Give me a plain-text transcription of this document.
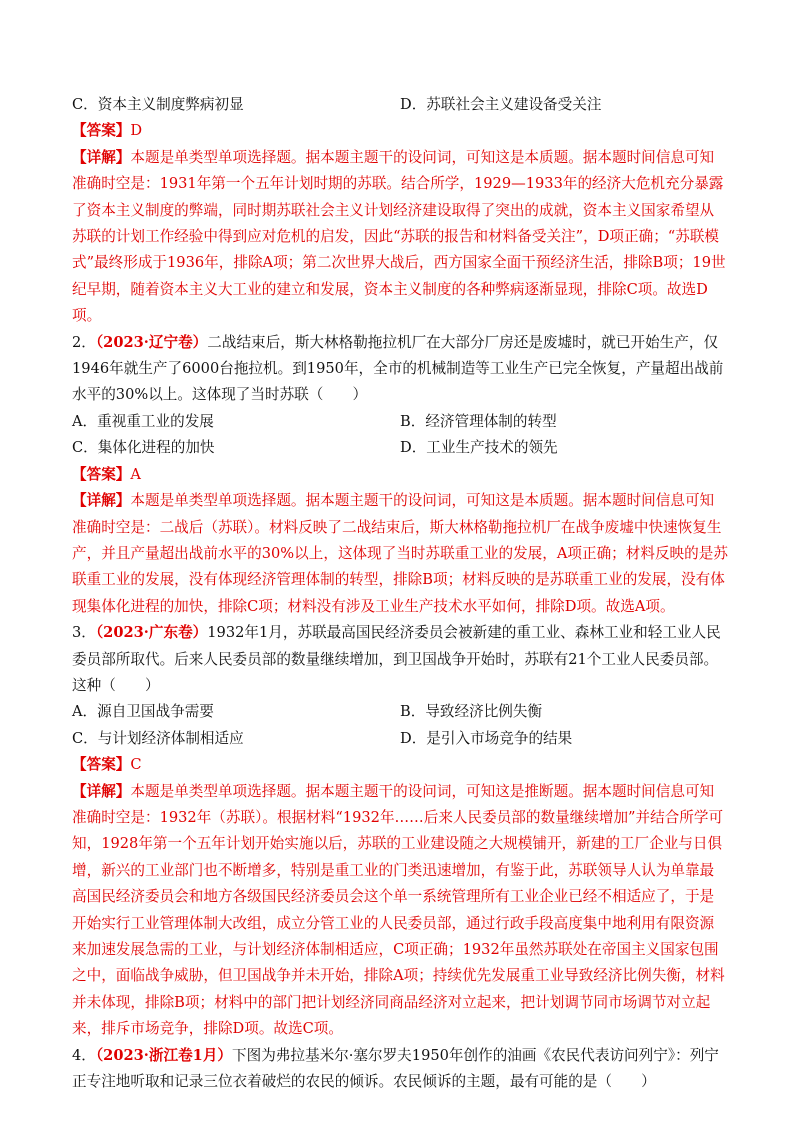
C．资本主义制度弊病初显	D．苏联社会主义建设备受关注

【答案】D

【详解】本题是单类型单项选择题。据本题主题干的设问词，可知这是本质题。据本题时间信息可知准确时空是：1931年第一个五年计划时期的苏联。结合所学，1929—1933年的经济大危机充分暴露了资本主义制度的弊端，同时期苏联社会主义计划经济建设取得了突出的成就，资本主义国家希望从苏联的计划工作经验中得到应对危机的启发，因此“苏联的报告和材料备受关注”，D项正确；“苏联模式”最终形成于1936年，排除A项；第二次世界大战后，西方国家全面干预经济生活，排除B项；19世纪早期，随着资本主义大工业的建立和发展，资本主义制度的各种弊病逐渐显现，排除C项。故选D项。

2．（2023·辽宁卷）二战结束后，斯大林格勒拖拉机厂在大部分厂房还是废墟时，就已开始生产，仅1946年就生产了6000台拖拉机。到1950年，全市的机械制造等工业生产已完全恢复，产量超出战前水平的30%以上。这体现了当时苏联（　　）

A．重视重工业的发展	B．经济管理体制的转型
C．集体化进程的加快	D．工业生产技术的领先

【答案】A

【详解】本题是单类型单项选择题。据本题主题干的设问词，可知这是本质题。据本题时间信息可知准确时空是：二战后（苏联）。材料反映了二战结束后，斯大林格勒拖拉机厂在战争废墟中快速恢复生产，并且产量超出战前水平的30%以上，这体现了当时苏联重工业的发展，A项正确；材料反映的是苏联重工业的发展，没有体现经济管理体制的转型，排除B项；材料反映的是苏联重工业的发展，没有体现集体化进程的加快，排除C项；材料没有涉及工业生产技术水平如何，排除D项。故选A项。

3．（2023·广东卷）1932年1月，苏联最高国民经济委员会被新建的重工业、森林工业和轻工业人民委员部所取代。后来人民委员部的数量继续增加，到卫国战争开始时，苏联有21个工业人民委员部。这种（　　）

A．源自卫国战争需要	B．导致经济比例失衡
C．与计划经济体制相适应	D．是引入市场竞争的结果

【答案】C

【详解】本题是单类型单项选择题。据本题主题干的设问词，可知这是推断题。据本题时间信息可知准确时空是：1932年（苏联）。根据材料“1932年……后来人民委员部的数量继续增加”并结合所学可知，1928年第一个五年计划开始实施以后，苏联的工业建设随之大规模铺开，新建的工厂企业与日俱增，新兴的工业部门也不断增多，特别是重工业的门类迅速增加，有鉴于此，苏联领导人认为单靠最高国民经济委员会和地方各级国民经济委员会这个单一系统管理所有工业企业已经不相适应了，于是开始实行工业管理体制大改组，成立分管工业的人民委员部，通过行政手段高度集中地利用有限资源来加速发展急需的工业，与计划经济体制相适应，C项正确；1932年虽然苏联处在帝国主义国家包围之中，面临战争威胁，但卫国战争并未开始，排除A项；持续优先发展重工业导致经济比例失衡，材料并未体现，排除B项；材料中的部门把计划经济同商品经济对立起来，把计划调节同市场调节对立起来，排斥市场竞争，排除D项。故选C项。

4．（2023·浙江卷1月）下图为弗拉基米尔·塞尔罗夫1950年创作的油画《农民代表访问列宁》：列宁正专注地听取和记录三位衣着破烂的农民的倾诉。农民倾诉的主题，最有可能的是（　　）
